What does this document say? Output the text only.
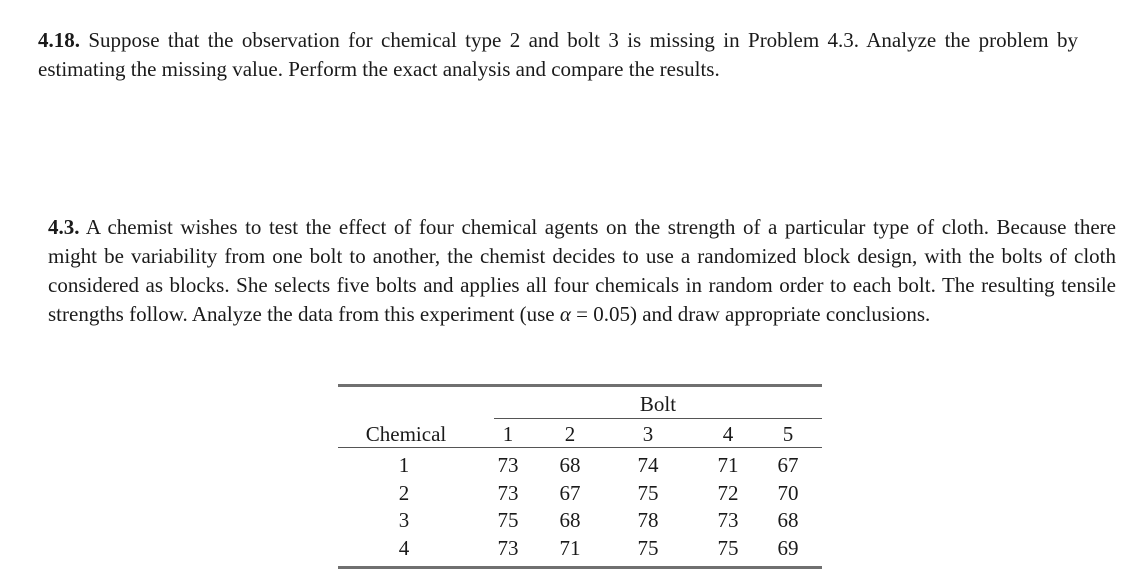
4.18. Suppose that the observation for chemical type 2 and bolt 3 is missing in Problem 4.3. Analyze the problem by estimating the missing value. Perform the exact analysis and compare the results.
4.3. A chemist wishes to test the effect of four chemical agents on the strength of a particular type of cloth. Because there might be variability from one bolt to another, the chemist decides to use a randomized block design, with the bolts of cloth considered as blocks. She selects five bolts and applies all four chemicals in random order to each bolt. The resulting tensile strengths follow. Analyze the data from this experiment (use α = 0.05) and draw appropriate conclusions.
Bolt
Chemical	1	2	3	4	5
1	73	68	74	71	67
2	73	67	75	72	70
3	75	68	78	73	68
4	73	71	75	75	69
